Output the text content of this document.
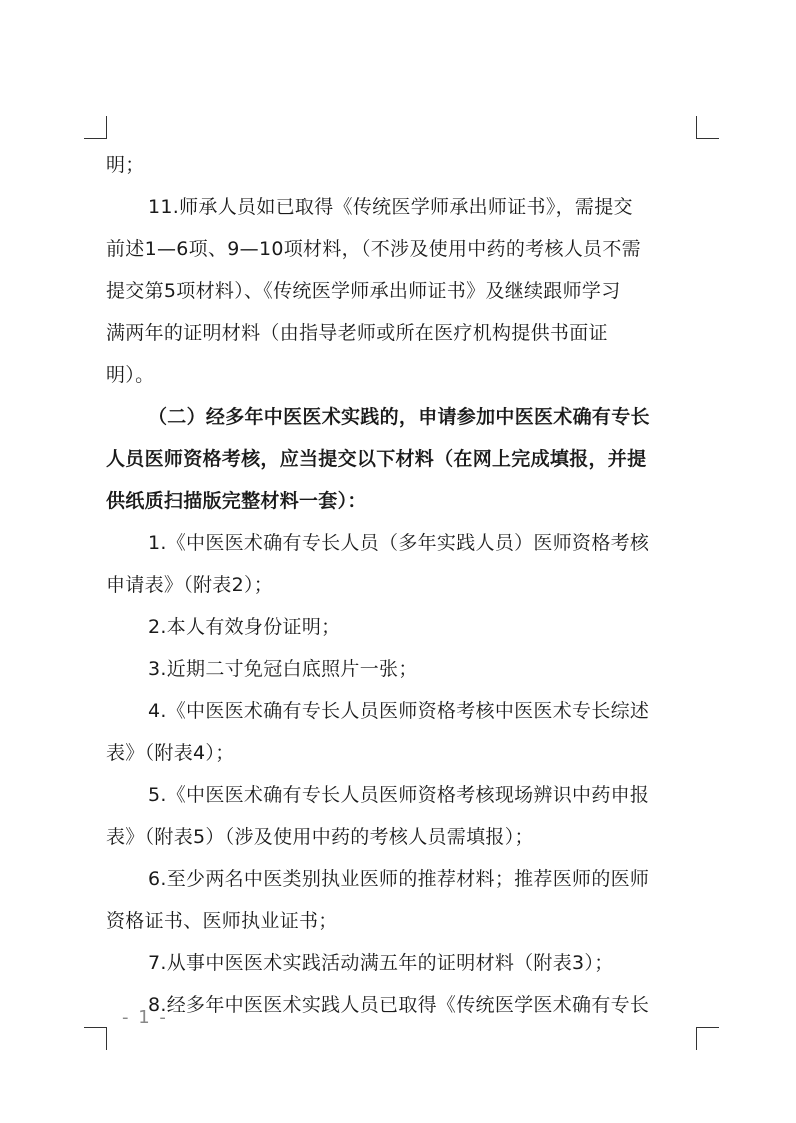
明；
11.师承人员如已取得《传统医学师承出师证书》，需提交
前述1—6项、9—10项材料，（不涉及使用中药的考核人员不需
提交第5项材料）、《传统医学师承出师证书》及继续跟师学习
满两年的证明材料（由指导老师或所在医疗机构提供书面证
明）。
（二）经多年中医医术实践的，申请参加中医医术确有专长
人员医师资格考核，应当提交以下材料（在网上完成填报，并提
供纸质扫描版完整材料一套）：
1.《中医医术确有专长人员（多年实践人员）医师资格考核
申请表》（附表2）；
2.本人有效身份证明；
3.近期二寸免冠白底照片一张；
4.《中医医术确有专长人员医师资格考核中医医术专长综述
表》（附表4）；
5.《中医医术确有专长人员医师资格考核现场辨识中药申报
表》（附表5）（涉及使用中药的考核人员需填报）；
6.至少两名中医类别执业医师的推荐材料；推荐医师的医师
资格证书、医师执业证书；
7.从事中医医术实践活动满五年的证明材料（附表3）；
8.经多年中医医术实践人员已取得《传统医学医术确有专长
- 1 -
